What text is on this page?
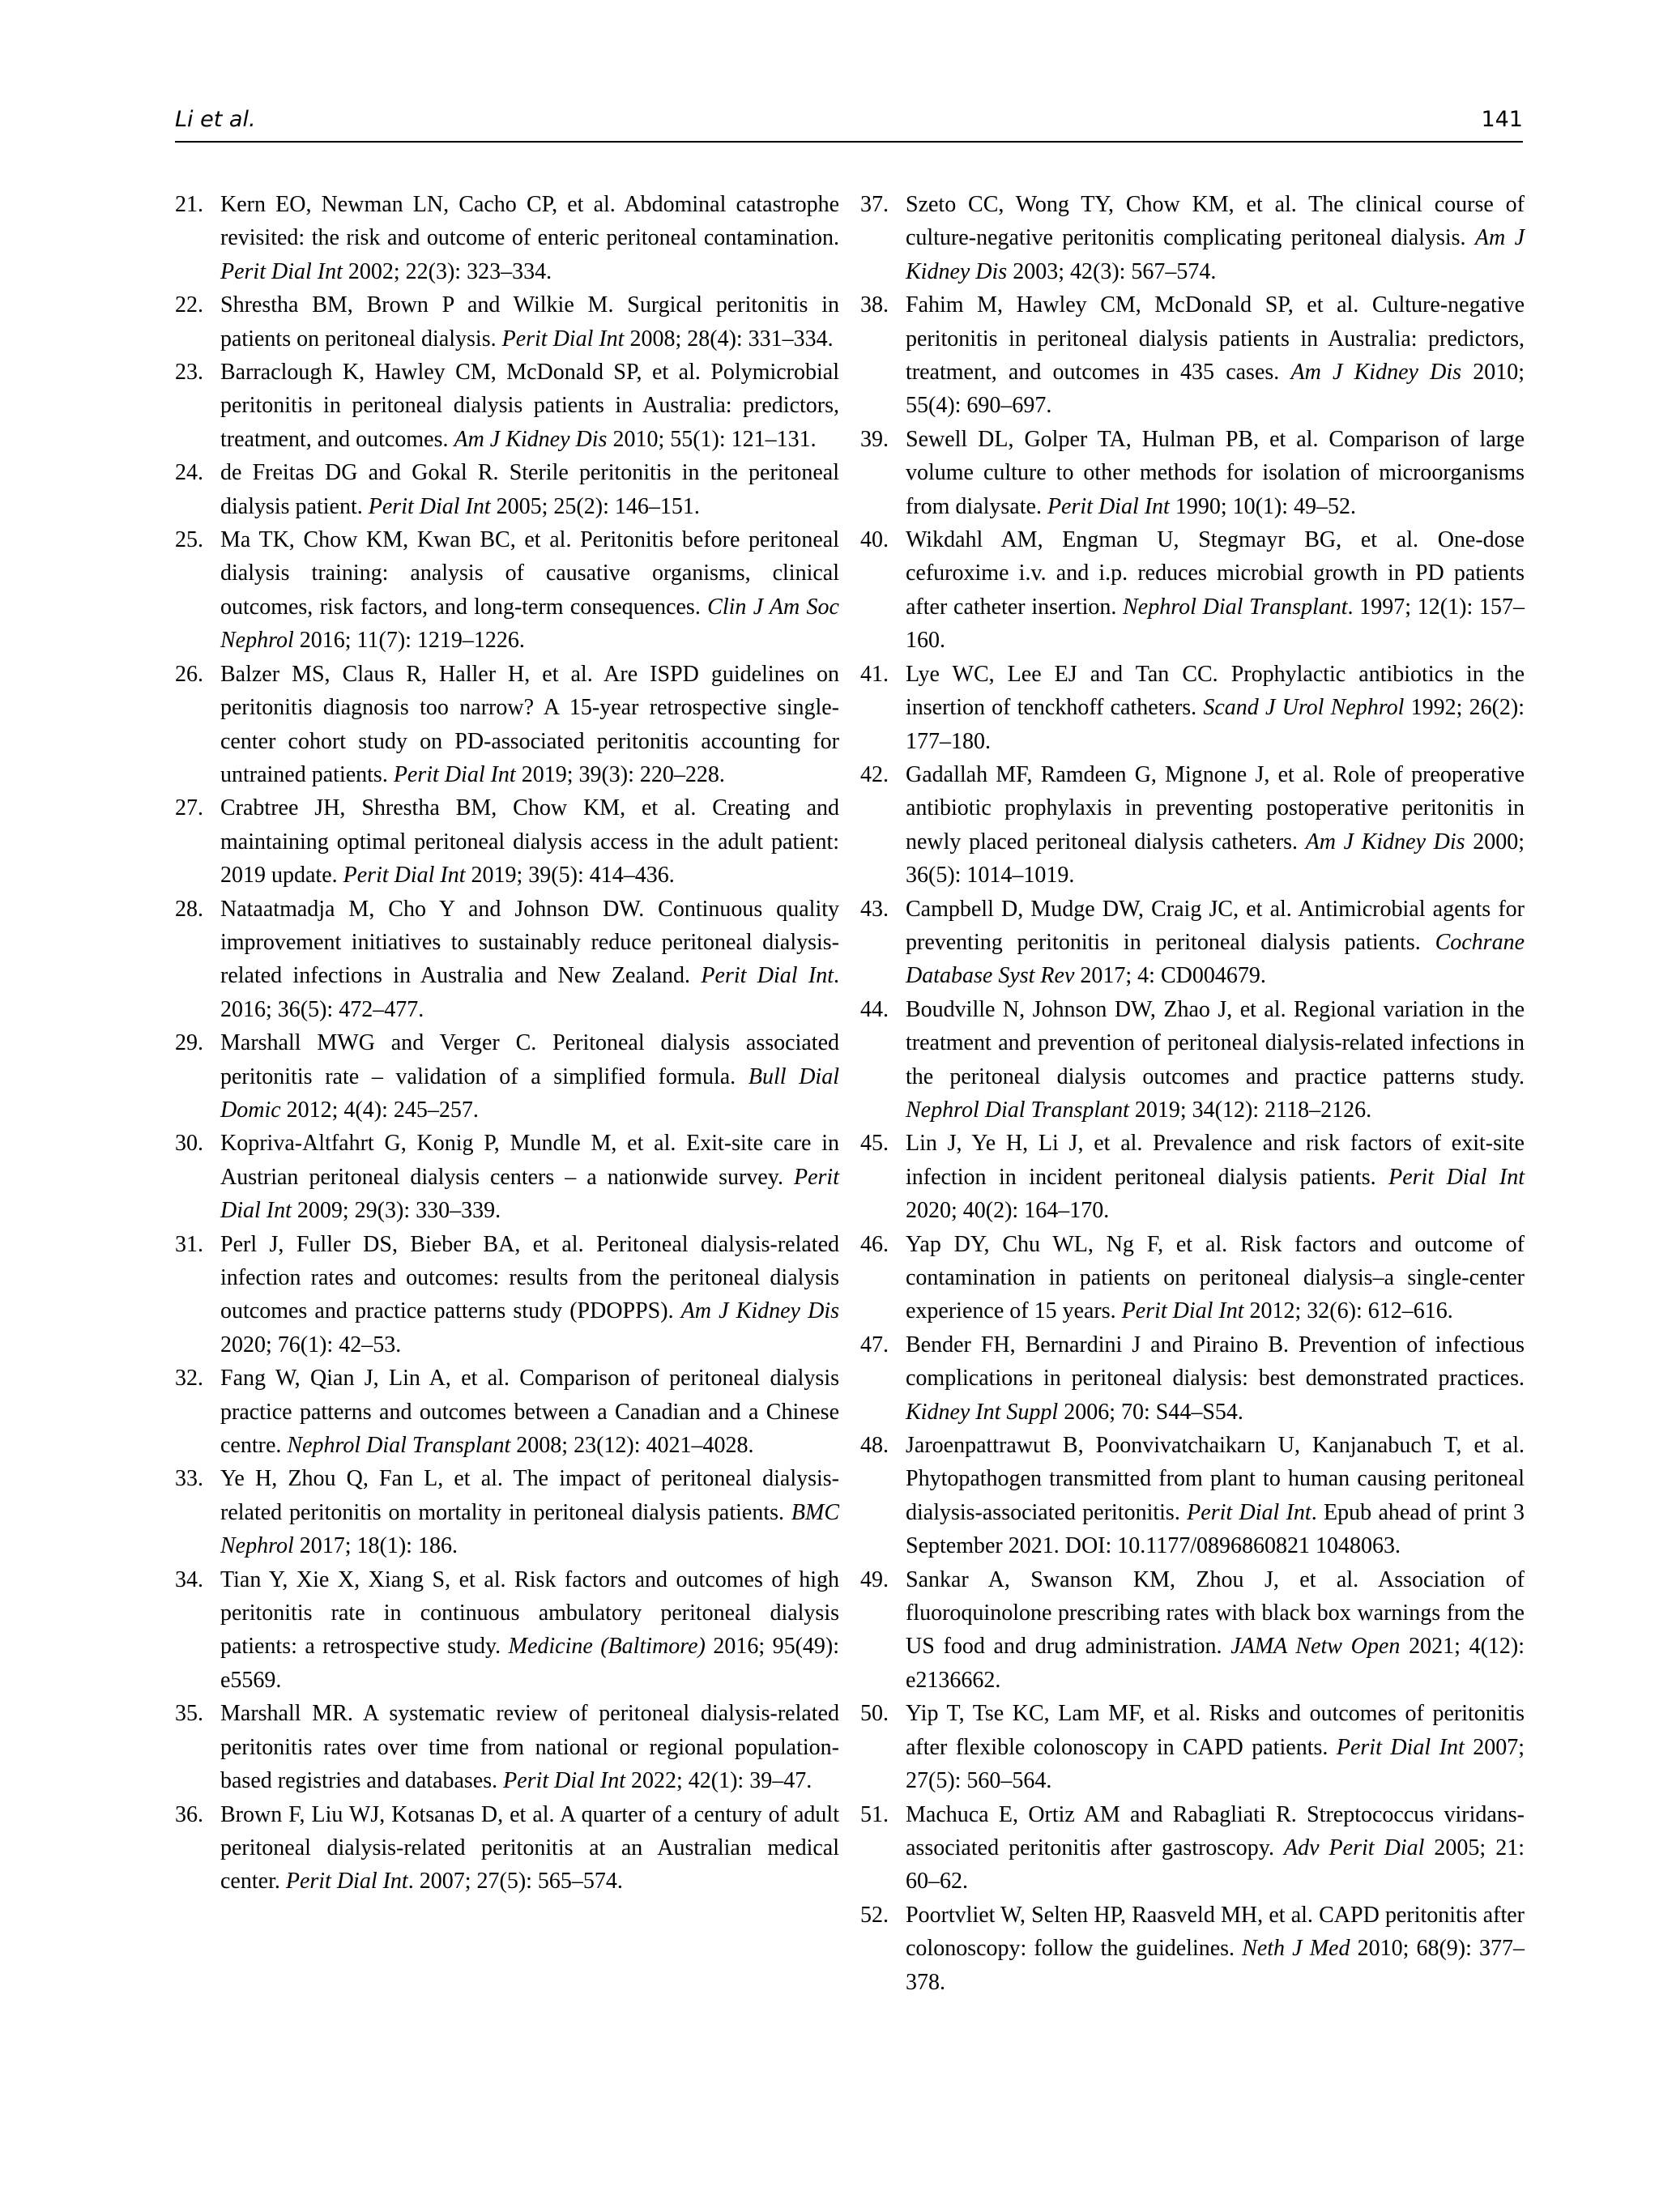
Li et al.	141

21. Kern EO, Newman LN, Cacho CP, et al. Abdominal catastrophe revisited: the risk and outcome of enteric peritoneal contamination. Perit Dial Int 2002; 22(3): 323–334.

22. Shrestha BM, Brown P and Wilkie M. Surgical peritonitis in patients on peritoneal dialysis. Perit Dial Int 2008; 28(4): 331–334.

23. Barraclough K, Hawley CM, McDonald SP, et al. Polymicrobial peritonitis in peritoneal dialysis patients in Australia: predictors, treatment, and outcomes. Am J Kidney Dis 2010; 55(1): 121–131.

24. de Freitas DG and Gokal R. Sterile peritonitis in the peritoneal dialysis patient. Perit Dial Int 2005; 25(2): 146–151.

25. Ma TK, Chow KM, Kwan BC, et al. Peritonitis before peritoneal dialysis training: analysis of causative organisms, clinical outcomes, risk factors, and long-term consequences. Clin J Am Soc Nephrol 2016; 11(7): 1219–1226.

26. Balzer MS, Claus R, Haller H, et al. Are ISPD guidelines on peritonitis diagnosis too narrow? A 15-year retrospective single-center cohort study on PD-associated peritonitis accounting for untrained patients. Perit Dial Int 2019; 39(3): 220–228.

27. Crabtree JH, Shrestha BM, Chow KM, et al. Creating and maintaining optimal peritoneal dialysis access in the adult patient: 2019 update. Perit Dial Int 2019; 39(5): 414–436.

28. Nataatmadja M, Cho Y and Johnson DW. Continuous quality improvement initiatives to sustainably reduce peritoneal dialysis-related infections in Australia and New Zealand. Perit Dial Int. 2016; 36(5): 472–477.

29. Marshall MWG and Verger C. Peritoneal dialysis associated peritonitis rate – validation of a simplified formula. Bull Dial Domic 2012; 4(4): 245–257.

30. Kopriva-Altfahrt G, Konig P, Mundle M, et al. Exit-site care in Austrian peritoneal dialysis centers – a nationwide survey. Perit Dial Int 2009; 29(3): 330–339.

31. Perl J, Fuller DS, Bieber BA, et al. Peritoneal dialysis-related infection rates and outcomes: results from the peritoneal dialysis outcomes and practice patterns study (PDOPPS). Am J Kidney Dis 2020; 76(1): 42–53.

32. Fang W, Qian J, Lin A, et al. Comparison of peritoneal dialysis practice patterns and outcomes between a Canadian and a Chinese centre. Nephrol Dial Transplant 2008; 23(12): 4021–4028.

33. Ye H, Zhou Q, Fan L, et al. The impact of peritoneal dialysis-related peritonitis on mortality in peritoneal dialysis patients. BMC Nephrol 2017; 18(1): 186.

34. Tian Y, Xie X, Xiang S, et al. Risk factors and outcomes of high peritonitis rate in continuous ambulatory peritoneal dialysis patients: a retrospective study. Medicine (Baltimore) 2016; 95(49): e5569.

35. Marshall MR. A systematic review of peritoneal dialysis-related peritonitis rates over time from national or regional population-based registries and databases. Perit Dial Int 2022; 42(1): 39–47.

36. Brown F, Liu WJ, Kotsanas D, et al. A quarter of a century of adult peritoneal dialysis-related peritonitis at an Australian medical center. Perit Dial Int. 2007; 27(5): 565–574.

37. Szeto CC, Wong TY, Chow KM, et al. The clinical course of culture-negative peritonitis complicating peritoneal dialysis. Am J Kidney Dis 2003; 42(3): 567–574.

38. Fahim M, Hawley CM, McDonald SP, et al. Culture-negative peritonitis in peritoneal dialysis patients in Australia: predictors, treatment, and outcomes in 435 cases. Am J Kidney Dis 2010; 55(4): 690–697.

39. Sewell DL, Golper TA, Hulman PB, et al. Comparison of large volume culture to other methods for isolation of microorganisms from dialysate. Perit Dial Int 1990; 10(1): 49–52.

40. Wikdahl AM, Engman U, Stegmayr BG, et al. One-dose cefuroxime i.v. and i.p. reduces microbial growth in PD patients after catheter insertion. Nephrol Dial Transplant. 1997; 12(1): 157–160.

41. Lye WC, Lee EJ and Tan CC. Prophylactic antibiotics in the insertion of tenckhoff catheters. Scand J Urol Nephrol 1992; 26(2): 177–180.

42. Gadallah MF, Ramdeen G, Mignone J, et al. Role of preoperative antibiotic prophylaxis in preventing postoperative peritonitis in newly placed peritoneal dialysis catheters. Am J Kidney Dis 2000; 36(5): 1014–1019.

43. Campbell D, Mudge DW, Craig JC, et al. Antimicrobial agents for preventing peritonitis in peritoneal dialysis patients. Cochrane Database Syst Rev 2017; 4: CD004679.

44. Boudville N, Johnson DW, Zhao J, et al. Regional variation in the treatment and prevention of peritoneal dialysis-related infections in the peritoneal dialysis outcomes and practice patterns study. Nephrol Dial Transplant 2019; 34(12): 2118–2126.

45. Lin J, Ye H, Li J, et al. Prevalence and risk factors of exit-site infection in incident peritoneal dialysis patients. Perit Dial Int 2020; 40(2): 164–170.

46. Yap DY, Chu WL, Ng F, et al. Risk factors and outcome of contamination in patients on peritoneal dialysis–a single-center experience of 15 years. Perit Dial Int 2012; 32(6): 612–616.

47. Bender FH, Bernardini J and Piraino B. Prevention of infectious complications in peritoneal dialysis: best demonstrated practices. Kidney Int Suppl 2006; 70: S44–S54.

48. Jaroenpattrawut B, Poonvivatchaikarn U, Kanjanabuch T, et al. Phytopathogen transmitted from plant to human causing peritoneal dialysis-associated peritonitis. Perit Dial Int. Epub ahead of print 3 September 2021. DOI: 10.1177/0896860821 1048063.

49. Sankar A, Swanson KM, Zhou J, et al. Association of fluoroquinolone prescribing rates with black box warnings from the US food and drug administration. JAMA Netw Open 2021; 4(12): e2136662.

50. Yip T, Tse KC, Lam MF, et al. Risks and outcomes of peritonitis after flexible colonoscopy in CAPD patients. Perit Dial Int 2007; 27(5): 560–564.

51. Machuca E, Ortiz AM and Rabagliati R. Streptococcus viridans-associated peritonitis after gastroscopy. Adv Perit Dial 2005; 21: 60–62.

52. Poortvliet W, Selten HP, Raasveld MH, et al. CAPD peritonitis after colonoscopy: follow the guidelines. Neth J Med 2010; 68(9): 377–378.
